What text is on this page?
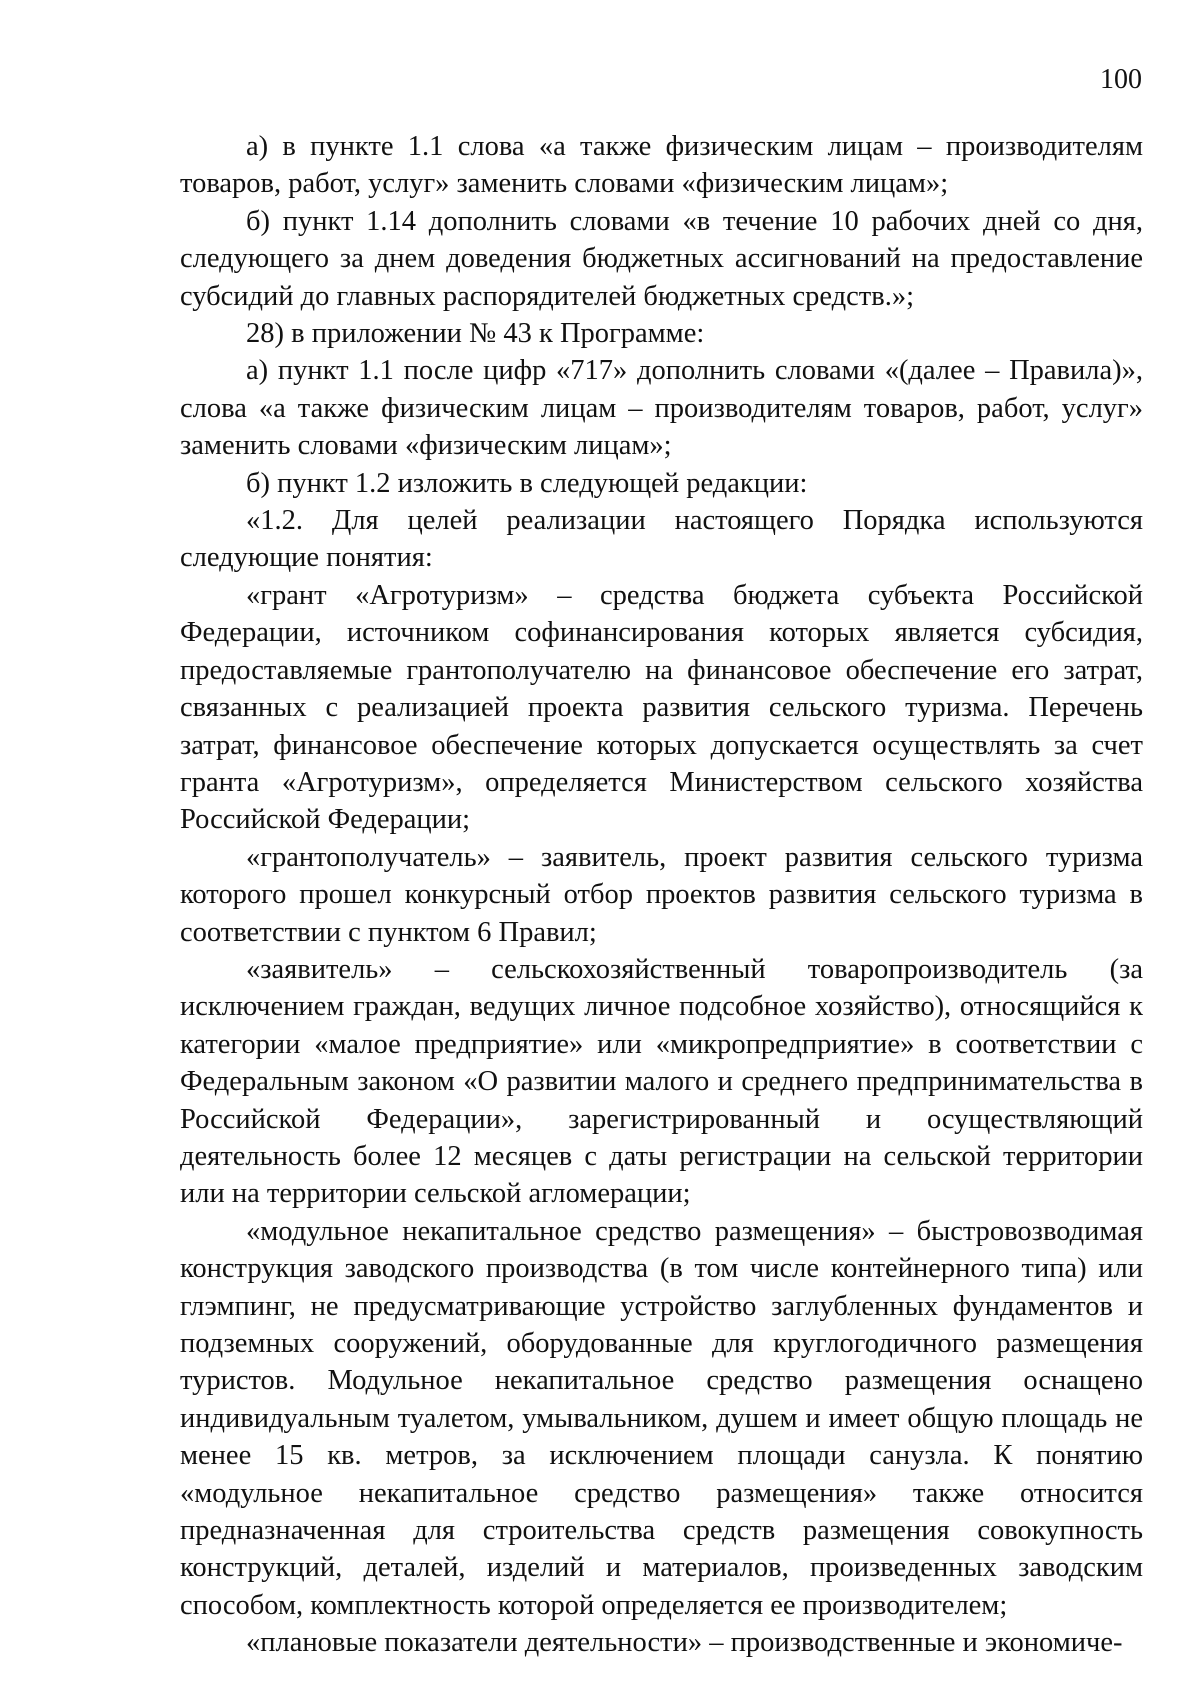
100

а) в пункте 1.1 слова «а также физическим лицам – производителям товаров, работ, услуг» заменить словами «физическим лицам»;

б) пункт 1.14 дополнить словами «в течение 10 рабочих дней со дня, следующего за днем доведения бюджетных ассигнований на предоставление субсидий до главных распорядителей бюджетных средств.»;

28) в приложении № 43 к Программе:

а) пункт 1.1 после цифр «717» дополнить словами «(далее – Правила)», слова «а также физическим лицам – производителям товаров, работ, услуг» заменить словами «физическим лицам»;

б) пункт 1.2 изложить в следующей редакции:

«1.2. Для целей реализации настоящего Порядка используются следующие понятия:

«грант «Агротуризм» – средства бюджета субъекта Российской Федерации, источником софинансирования которых является субсидия, предоставляемые грантополучателю на финансовое обеспечение его затрат, связанных с реализацией проекта развития сельского туризма. Перечень затрат, финансовое обеспечение которых допускается осуществлять за счет гранта «Агротуризм», определяется Министерством сельского хозяйства Российской Федерации;

«грантополучатель» – заявитель, проект развития сельского туризма которого прошел конкурсный отбор проектов развития сельского туризма в соответствии с пунктом 6 Правил;

«заявитель» – сельскохозяйственный товаропроизводитель (за исключением граждан, ведущих личное подсобное хозяйство), относящийся к категории «малое предприятие» или «микропредприятие» в соответствии с Федеральным законом «О развитии малого и среднего предпринимательства в Российской Федерации», зарегистрированный и осуществляющий деятельность более 12 месяцев с даты регистрации на сельской территории или на территории сельской агломерации;

«модульное некапитальное средство размещения» – быстровозводимая конструкция заводского производства (в том числе контейнерного типа) или глэмпинг, не предусматривающие устройство заглубленных фундаментов и подземных сооружений, оборудованные для круглогодичного размещения туристов. Модульное некапитальное средство размещения оснащено индивидуальным туалетом, умывальником, душем и имеет общую площадь не менее 15 кв. метров, за исключением площади санузла. К понятию «модульное некапитальное средство размещения» также относится предназначенная для строительства средств размещения совокупность конструкций, деталей, изделий и материалов, произведенных заводским способом, комплектность которой определяется ее производителем;

«плановые показатели деятельности» – производственные и экономиче-
